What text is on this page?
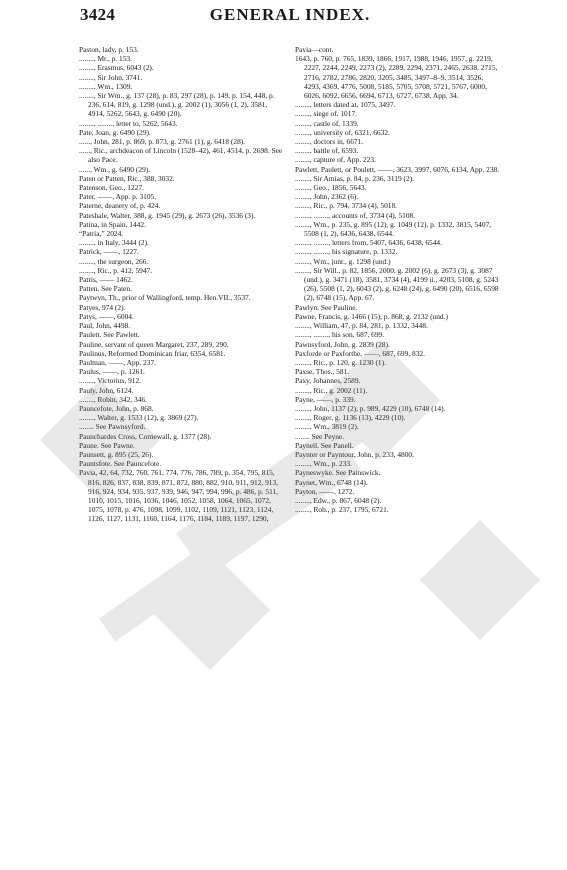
3424	GENERAL INDEX.

Paston, lady, p. 153.

........, Mr., p. 153.

........, Erasmus, 6043 (2).

........, Sir John, 3741.

........, Wm., 1309.

........, Sir Wm., g. 137 (28), p. 83, 297 (28), p. 149, p. 154, 448, p. 236, 614, 819, g. 1298 (und.), g. 2002 (1), 3056 (1, 2), 3581, 4914, 5262, 5643, g. 6490 (20).

........, ........, letter to, 5262, 5643.

Pate, Joan, g. 6490 (29).

......, John, 281, p. 869, p. 873, g. 2761 (1), g. 6418 (28).

......, Ric., archdeacon of Lincoln (1528–42), 461, 4514, p. 2698. See also Pace.

......, Wm., g. 6490 (29).

Paten or Patten, Ric., 388, 3032.

Patenson, Geo., 1227.

Pater, ——, App. p. 3105.

Paterne, deanery of, p. 424.

Pateshale, Walter, 388, g. 1945 (29), g. 2673 (26), 3536 (3).

Patina, in Spain, 1442.

“Patria,” 2024.

........, in Italy, 3444 (2).

Patrick, ——, 1227.

........, the surgeon, 266.

........, Ric., p. 412, 5947.

Patris, —— 1462.

Patten. See Paten.

Paytwyn, Th., prior of Wallingford, temp. Hen.VII., 3537.

Patyes, 974 (2).

Patys, ——, 6004.

Paul, John, 4498.

Paulett. See Pawlett.

Pauline, servant of queen Margaret, 237, 289, 290.

Paulinus, Reformed Dominican friar, 6354, 6581.

Paulman, ——, App. 237.

Paulus, ——, p. 1261.

........, Victorius, 912.

Pauly, John, 6124.

........, Robin, 342, 346.

Pauncefote, John, p. 868.

........, Walter, g. 1533 (12), g. 3869 (27).

........ See Pawnsyford.

Paunchardes Cross, Cornewall, g. 1377 (28).

Paune. See Pawne.

Paunsett, g. 895 (25, 26).

Pauntsfote. See Pauncefote.

Pavia, 42, 64, 732, 760, 761, 774, 776, 786, 789, p. 354, 795, 815, 816, 826, 837, 838, 839, 871, 872, 880, 882, 910, 911, 912, 913, 916, 924, 934, 935, 937, 939, 946, 947, 994, 996, p. 486, p. 511, 1010, 1015, 1016, 1036, 1046, 1052, 1058, 1064, 1065, 1072, 1075, 1078, p. 476, 1098, 1099, 1102, 1109, 1121, 1123, 1124, 1126, 1127, 1131, 1160, 1164, 1176, 1184, 1189, 1197, 1290,

Pavia—cont.

1643, p. 760, p. 765, 1839, 1866, 1917, 1988, 1946, 1957, g. 2219, 2227, 2244, 2249, 2273 (2), 2289, 2294, 2371, 2465, 2638, 2715, 2716, 2782, 2786, 2820, 3205, 3485, 3497–8–9, 3514, 3526, 4293, 4369, 4776, 5008, 5185, 5705, 5708, 5721, 5767, 6000, 6026, 6092, 6656, 6694, 6713, 6727, 6738, App. 34.

........, letters dated at, 1075, 3497.

........, siege of, 1017.

........, castle of, 1339.

........, university of, 6321, 6632.

........, doctors in, 6671.

........, battle of, 6593.

........, capture of, App. 223.

Pawlett, Paulett, or Poulett, ——, 3623, 3997, 6076, 6134, App. 238.

........, Sir Amias, p. 84, p. 236, 3119 (2).

........, Geo., 1856, 5643.

........, John, 2362 (6).

........, Ric., p. 794, 3734 (4), 5018.

........, ........, accounts of, 3734 (4), 5108.

........, Wm., p. 235, g. 895 (12), g. 1049 (12), p. 1332, 3815, 5407, 5508 (1, 2), 6436, 6438, 6544.

........, ........, letters from, 5407, 6436, 6438, 6544.

........, ........, his signature, p. 1332.

........, Wm., junr., g. 1298 (und.)

........, Sir Will., p. 82, 1856, 2000, g. 2002 (6), g. 2673 (3), g. 3087 (und.), g. 3471 (18), 3581, 3734 (4), 4199 ii., 4203, 5108, g. 5243 (26), 5508 (1, 2), 6043 (2), g. 6248 (24), g. 6490 (20), 6516, 6598 (2), 6748 (15), App. 67.

Pawlyn. See Pauline.

Pawne, Francis, g. 1466 (15), p. 868, g. 2132 (und.)

........, William, 47, p. 84, 281, p. 1332, 3448.

........, ........, his son, 687, 699.

Pawnsyford, John, g. 2839 (28).

Paxforde or Paxforthe, ——, 687, 699, 832.

........, Ric., p. 120, g. 1230 (1).

Paxse, Thos., 581.

Paxy, Johannes, 2589.

........, Ric., g. 2002 (11).

Payne, ——, p. 339.

........, John, 1137 (2), p. 989, 4229 (10), 6748 (14).

........, Roger, g. 1136 (13), 4229 (10).

........, Wm., 3819 (2).

........ See Peyne.

Paynell. See Panell.

Paynter or Payntour, John, p. 233, 4800.

........, Wm., p. 233.

Payneswyke. See Painswick.

Paynet, Wm., 6748 (14).

Payton, ——, 1272.

........, Edw., p. 867, 6048 (2).

........, Rob., p. 237, 1795, 6721.
